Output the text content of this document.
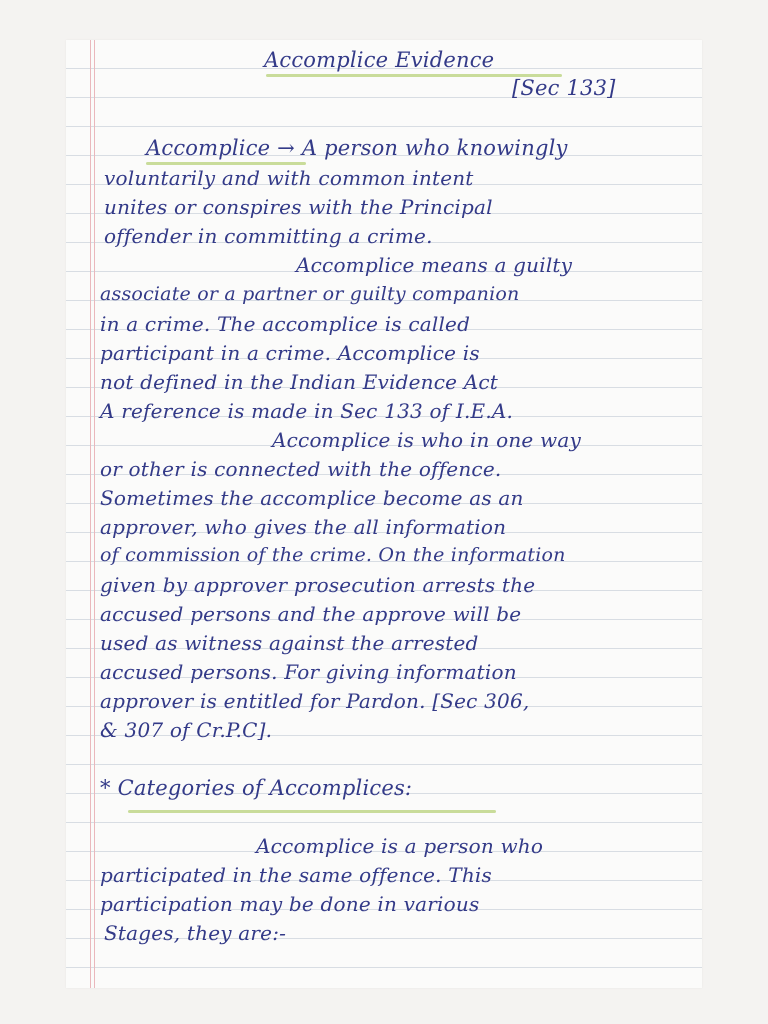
Accomplice Evidence
[Sec 133]
Accomplice → A person who knowingly
voluntarily and with common intent
unites or conspires with the Principal
offender in committing a crime.
Accomplice means a guilty
associate or a partner or guilty companion
in a crime. The accomplice is called
participant in a crime. Accomplice is
not defined in the Indian Evidence Act
A reference is made in Sec 133 of I.E.A.
Accomplice is who in one way
or other is connected with the offence.
Sometimes the accomplice become as an
approver, who gives the all information
of commission of the crime. On the information
given by approver prosecution arrests the
accused persons and the approve will be
used as witness against the arrested
accused persons. For giving information
approver is entitled for Pardon. [Sec 306,
& 307 of Cr.P.C].
* Categories of Accomplices:
Accomplice is a person who
participated in the same offence. This
participation may be done in various
Stages, they are:-
